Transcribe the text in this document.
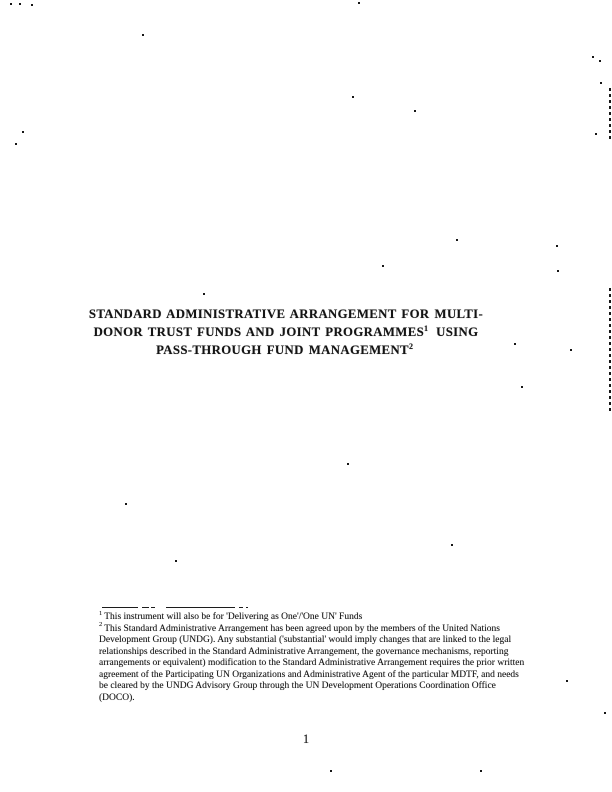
STANDARD ADMINISTRATIVE ARRANGEMENT FOR MULTI-
DONOR TRUST FUNDS AND JOINT PROGRAMMES$^1$ USING
PASS-THROUGH FUND MANAGEMENT$^2$
$^1$ This instrument will also be for 'Delivering as One'/'One UN' Funds
$^2$ This Standard Administrative Arrangement has been agreed upon by the members of the United Nations Development Group (UNDG). Any substantial ('substantial' would imply changes that are linked to the legal relationships described in the Standard Administrative Arrangement, the governance mechanisms, reporting arrangements or equivalent) modification to the Standard Administrative Arrangement requires the prior written agreement of the Participating UN Organizations and Administrative Agent of the particular MDTF, and needs be cleared by the UNDG Advisory Group through the UN Development Operations Coordination Office (DOCO).
1
